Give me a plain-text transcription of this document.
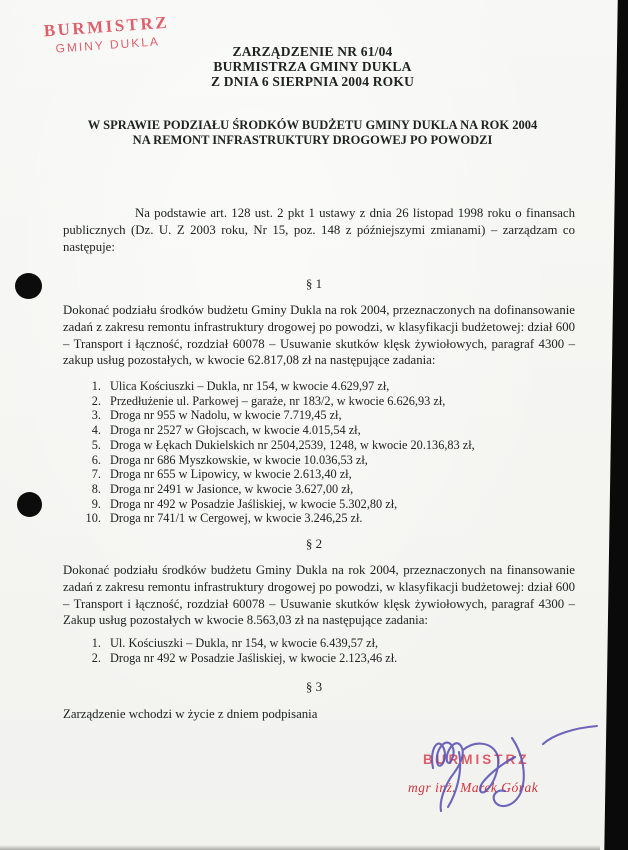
BURMISTRZ
GMINY DUKLA	ZARZĄDZENIE NR 61/04
BURMISTRZA GMINY DUKLA
Z DNIA 6 SIERPNIA 2004 ROKU
W SPRAWIE PODZIAŁU ŚRODKÓW BUDŻETU GMINY DUKLA NA ROK 2004
NA REMONT INFRASTRUKTURY DROGOWEJ PO POWODZI
Na podstawie art. 128 ust. 2 pkt 1 ustawy z dnia 26 listopad 1998 roku o finansach publicznych (Dz. U. Z 2003 roku, Nr 15, poz. 148 z późniejszymi zmianami) – zarządzam co następuje:
§ 1
Dokonać podziału środków budżetu Gminy Dukla na rok 2004, przeznaczonych na dofinansowanie zadań z zakresu remontu infrastruktury drogowej po powodzi, w klasyfikacji budżetowej: dział 600 – Transport i łączność, rozdział 60078 – Usuwanie skutków klęsk żywiołowych, paragraf 4300 –zakup usług pozostałych, w kwocie 62.817,08 zł na następujące zadania:
1. Ulica Kościuszki – Dukla, nr 154, w kwocie 4.629,97 zł,
2. Przedłużenie ul. Parkowej – garaże, nr 183/2, w kwocie 6.626,93 zł,
3. Droga nr 955 w Nadolu, w kwocie 7.719,45 zł,
4. Droga nr 2527 w Głojscach, w kwocie 4.015,54 zł,
5. Droga w Łękach Dukielskich nr 2504,2539, 1248, w kwocie 20.136,83 zł,
6. Droga nr 686 Myszkowskie, w kwocie 10.036,53 zł,
7. Droga nr 655 w Lipowicy, w kwocie 2.613,40 zł,
8. Droga nr 2491 w Jasionce, w kwocie 3.627,00 zł,
9. Droga nr 492 w Posadzie Jaśliskiej, w kwocie 5.302,80 zł,
10. Droga nr 741/1 w Cergowej, w kwocie 3.246,25 zł.
§ 2
Dokonać podziału środków budżetu Gminy Dukla na rok 2004, przeznaczonych na finansowanie zadań z zakresu remontu infrastruktury drogowej po powodzi, w klasyfikacji budżetowej: dział 600 – Transport i łączność, rozdział 60078 – Usuwanie skutków klęsk żywiołowych, paragraf 4300 – Zakup usług pozostałych w kwocie 8.563,03 zł na następujące zadania:
1. Ul. Kościuszki – Dukla, nr 154, w kwocie 6.439,57 zł,
2. Droga nr 492 w Posadzie Jaśliskiej, w kwocie 2.123,46 zł.
§ 3
Zarządzenie wchodzi w życie z dniem podpisania
BURMISTRZ
mgr inż. Marek Górak
